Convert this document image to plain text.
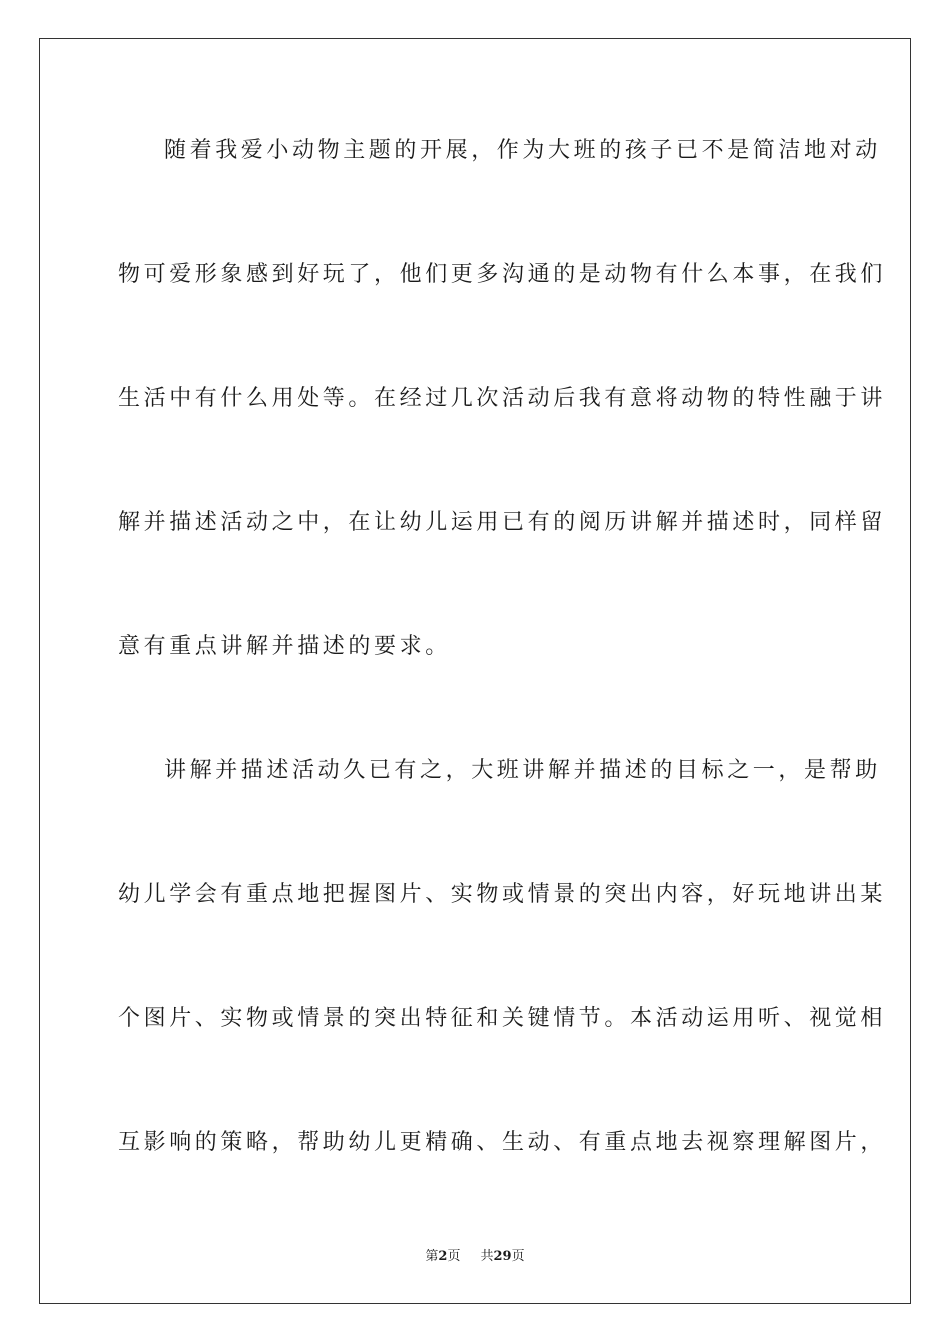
随着我爱小动物主题的开展，作为大班的孩子已不是简洁地对动
物可爱形象感到好玩了，他们更多沟通的是动物有什么本事，在我们
生活中有什么用处等。在经过几次活动后我有意将动物的特性融于讲
解并描述活动之中，在让幼儿运用已有的阅历讲解并描述时，同样留
意有重点讲解并描述的要求。
讲解并描述活动久已有之，大班讲解并描述的目标之一，是帮助
幼儿学会有重点地把握图片、实物或情景的突出内容，好玩地讲出某
个图片、实物或情景的突出特征和关键情节。本活动运用听、视觉相
互影响的策略，帮助幼儿更精确、生动、有重点地去视察理解图片，
第2页 共29页
